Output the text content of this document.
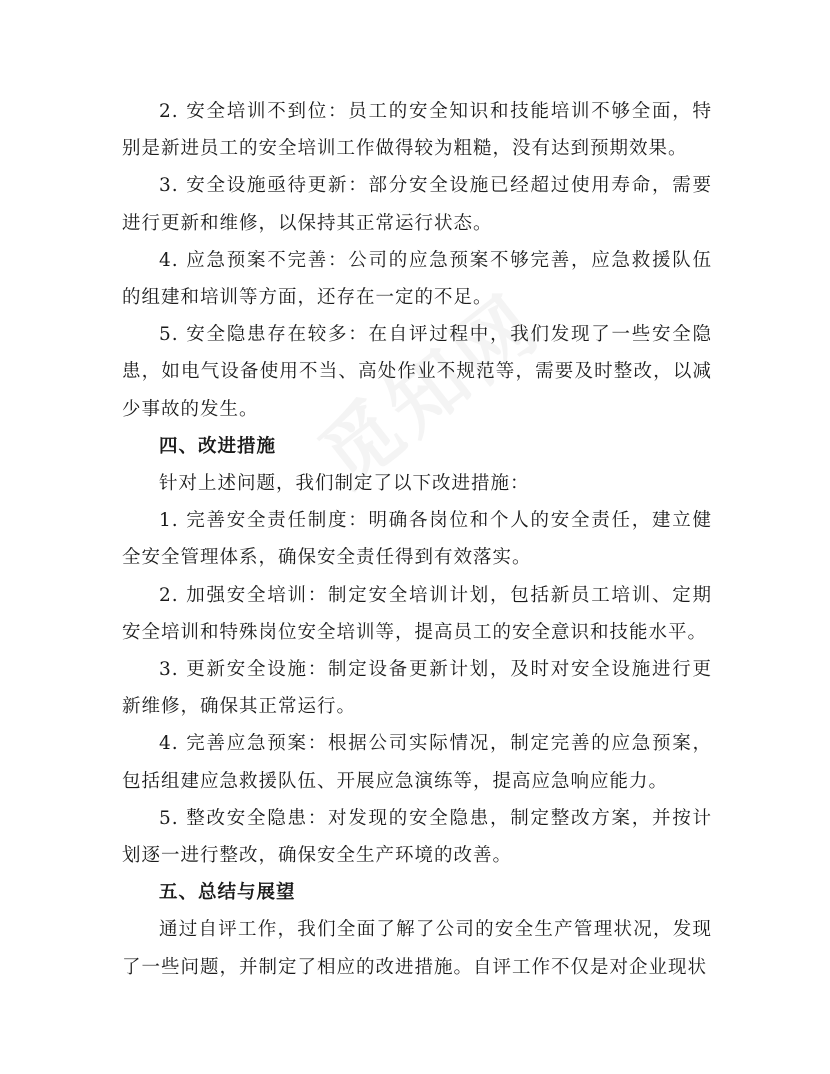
2. 安全培训不到位：员工的安全知识和技能培训不够全面，特别是新进员工的安全培训工作做得较为粗糙，没有达到预期效果。

3. 安全设施亟待更新：部分安全设施已经超过使用寿命，需要进行更新和维修，以保持其正常运行状态。

4. 应急预案不完善：公司的应急预案不够完善，应急救援队伍的组建和培训等方面，还存在一定的不足。

5. 安全隐患存在较多：在自评过程中，我们发现了一些安全隐患，如电气设备使用不当、高处作业不规范等，需要及时整改，以减少事故的发生。

四、改进措施

针对上述问题，我们制定了以下改进措施：

1. 完善安全责任制度：明确各岗位和个人的安全责任，建立健全安全管理体系，确保安全责任得到有效落实。

2. 加强安全培训：制定安全培训计划，包括新员工培训、定期安全培训和特殊岗位安全培训等，提高员工的安全意识和技能水平。

3. 更新安全设施：制定设备更新计划，及时对安全设施进行更新维修，确保其正常运行。

4. 完善应急预案：根据公司实际情况，制定完善的应急预案，包括组建应急救援队伍、开展应急演练等，提高应急响应能力。

5. 整改安全隐患：对发现的安全隐患，制定整改方案，并按计划逐一进行整改，确保安全生产环境的改善。

五、总结与展望

通过自评工作，我们全面了解了公司的安全生产管理状况，发现了一些问题，并制定了相应的改进措施。自评工作不仅是对企业现状
